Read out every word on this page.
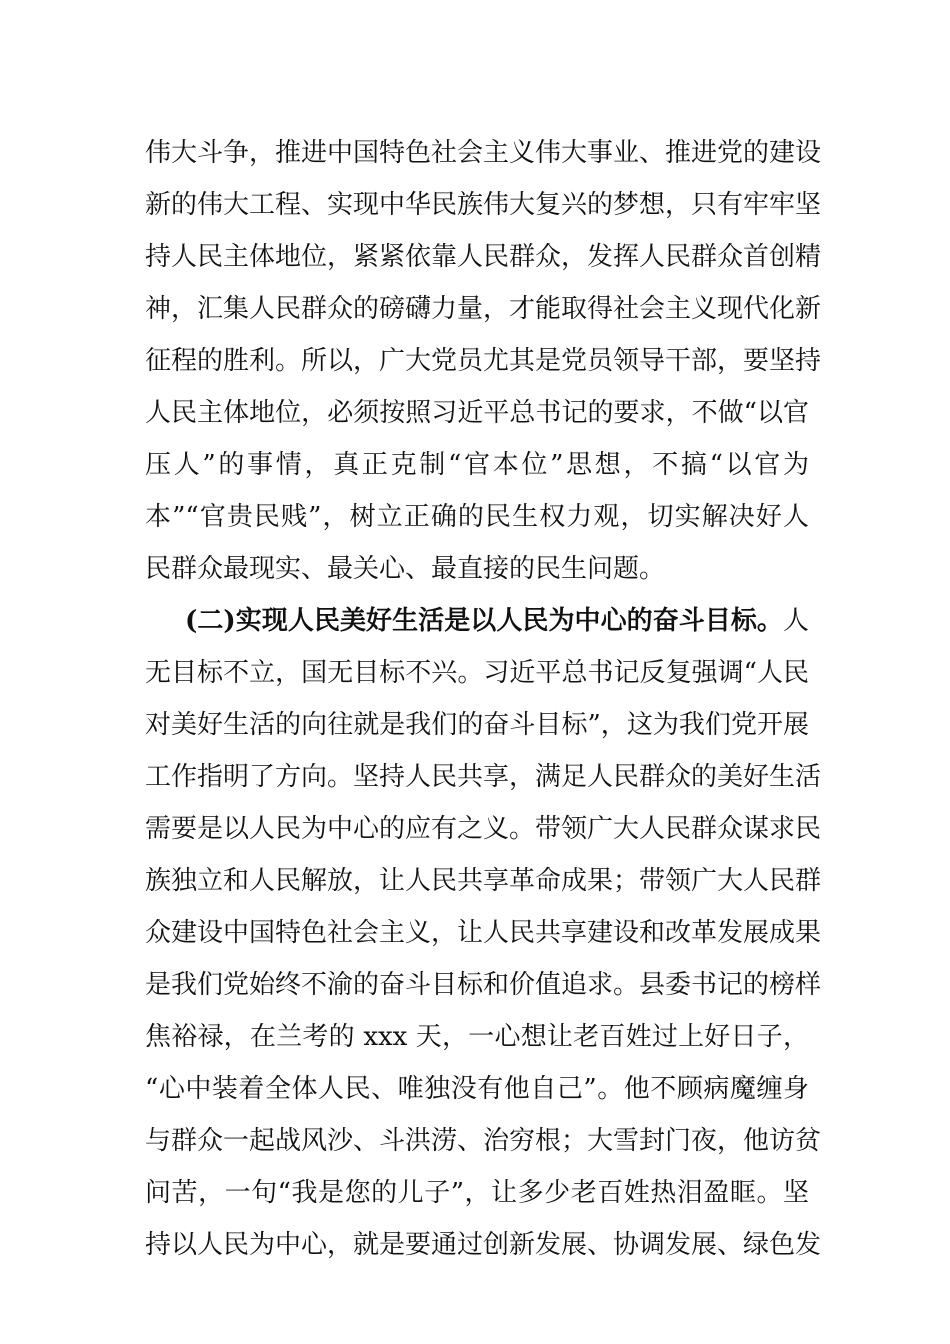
伟大斗争，推进中国特色社会主义伟大事业、推进党的建设
新的伟大工程、实现中华民族伟大复兴的梦想，只有牢牢坚
持人民主体地位，紧紧依靠人民群众，发挥人民群众首创精
神，汇集人民群众的磅礴力量，才能取得社会主义现代化新
征程的胜利。所以，广大党员尤其是党员领导干部，要坚持
人民主体地位，必须按照习近平总书记的要求，不做“以官
压人”的事情，真正克制“官本位”思想，不搞“以官为
本”“官贵民贱”，树立正确的民生权力观，切实解决好人
民群众最现实、最关心、最直接的民生问题。
(二)实现人民美好生活是以人民为中心的奋斗目标。人
无目标不立，国无目标不兴。习近平总书记反复强调“人民
对美好生活的向往就是我们的奋斗目标”，这为我们党开展
工作指明了方向。坚持人民共享，满足人民群众的美好生活
需要是以人民为中心的应有之义。带领广大人民群众谋求民
族独立和人民解放，让人民共享革命成果；带领广大人民群
众建设中国特色社会主义，让人民共享建设和改革发展成果
是我们党始终不渝的奋斗目标和价值追求。县委书记的榜样
焦裕禄，在兰考的 xxx 天，一心想让老百姓过上好日子，
“心中装着全体人民、唯独没有他自己”。他不顾病魔缠身
与群众一起战风沙、斗洪涝、治穷根；大雪封门夜，他访贫
问苦，一句“我是您的儿子”，让多少老百姓热泪盈眶。坚
持以人民为中心，就是要通过创新发展、协调发展、绿色发
